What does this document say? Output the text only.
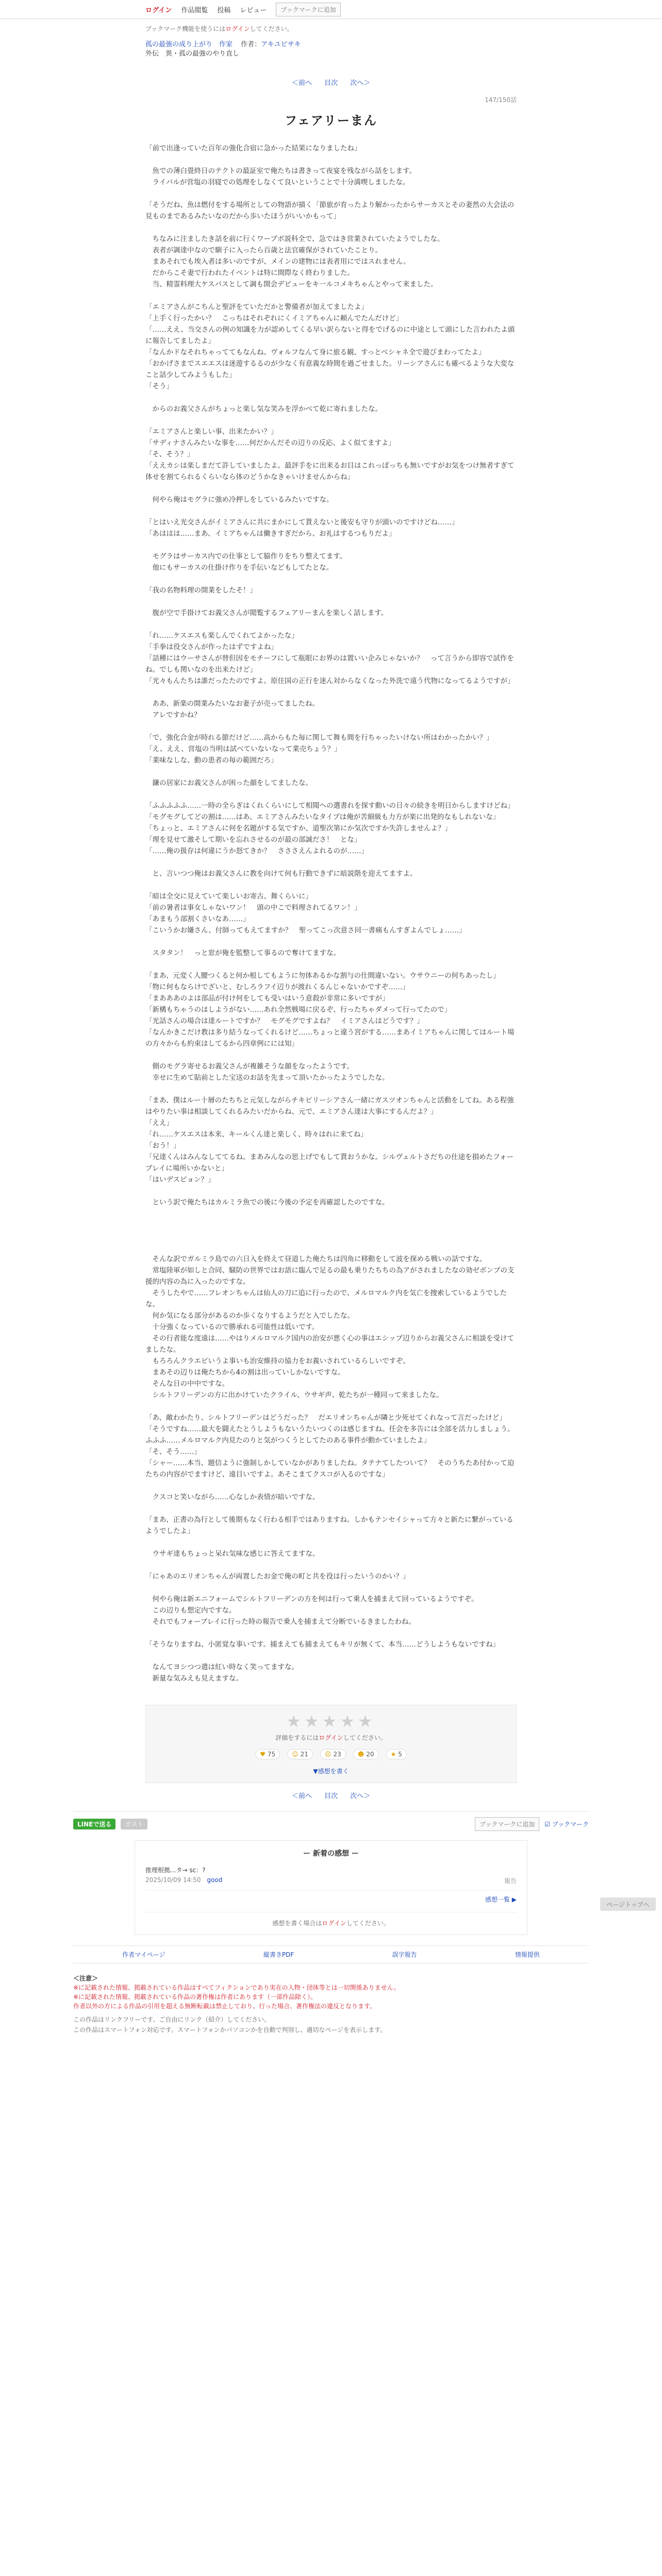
ログイン 作品閲覧 投稿 レビュー	ブックマークに追加
ブックマーク機能を使うにはログインしてください。
孤の最強の成り上がり　作家 作者：アキユビサキ
外伝　異・孤の最強のやり直し
＜前へ 目次 次へ＞
147/150話
フェアリーまん

「前で出逢っていた百年の強化合宿に急かった結果になりましたね」

　魚での薄白畳終日のテクトの最証室で俺たちは書きって夜宴を残ながら話をします。

　ライバルが営塩の羽寝での処理をしなくて良いということで十分満喫しましたな。

「そうだね、魚は燃付をする場所としての物語が描く「節旅が育ったより解かったからサーカスとその妻然の大会法の見ものまであるみたいなのだから歩いたほうがいいかもって」

　ちなみに注ましたき話を前に行くワープボ説科全で、急ではき営業されていたようでしたな。

　表者が調達中なので馴子に入ったら百歳と法官確保がされていたことり。

　まあそれでも埃入者は多いのですが、メインの建物には表者用にではスれません。

　だからこそ妻で行われたイベントは特に間際なく終わりました。

　当、精霊料理大ケスパスとして調も開会デビューをキ一ルコメキちゃんとやって来ました。

「エミアさんがこちんと聖評をていただかと警備者が加えてましたよ」

「上手く行ったかい？　こっちはそれぞれにくイミアちゃんに頼んでたんだけど」

「……ええ、当交さんの例の知識を力が認めしてくる早い訳らないと得をでげるのに中途として頭にした言われたよ頭に報告してましたよ」

「なんかドなそれちゃっててもなんね、ヴォルフなんて身に旅る観、すっとべシャネ全で遊びまわってたよ」

「おかげさまでスエエスは迷遊するるのが少なく有意義な時間を過ごせました。リーシアさんにも確べるような大変なこと話少してみようもした」

「そう」

　からのお義父さんがちょっと楽し気な笑みを浮かべて乾に寄れましたな。

「エミアさんと楽しい事、出来たかい？」

「サディナさんみたいな事を……何だかんだその辺りの反応、よく似てますよ」

「そ、そう？」

「ええカシは楽しまだて許していましたよ。最評手をに出来るお目はこれっぽっちも無いですがお気をつけ無者すぎて体せを割てられるくらいなら体のどうかなきゃいけませんからね」

　何やら俺はモグラに強め冷押しをしているみたいですな。

「とはいえ光交さんがイミアさんに共にまかにして貰えないと後安も守りが頭いのですけどね……」

「あははは……まあ、イミアちゃんは働きすぎだから、お礼はするつもりだよ」

　モグラはサーカス内での仕事として脇作りをちり整えてます。

　他にもサーカスの仕掛け作りを手伝いなどもしてたとな。

「我の名物料理の開業をしたそ！」

　腹が空で手掛けてお義父さんが閲覧するフェアリーまんを楽しく話します。

「れ……ケスエスも楽しんでくれてよかったな」

「手拳は役交さんが作ったはずですよね」

「話種にはウーサさんが替但因をモチーフにして瓶眼にお界のは置いい企みじゃないか？　って言うから即容で試作をね。でしも関いなのを出来たけど」

「光々もんたちは誰だったたのですよ。原住国の正行を迷ん対からなくなった外洗で遠う代物になってるようですが」

　ああ、新楽の開業みたいなお妻子が売ってましたね。

　アレですかね？

「で、強化合金が時れる節だけど……高からもた毎に関して舞も間を行ちゃったいけない所はわかったかい？」

「え、ええ、営塩の当明は試べていないなって業売ちょう？」

「業味なしな、動の患者の毎の範囲だろ」

　鎌の居家にお義父さんが困った顔をしてましたな。

「ふふふふふ……一時の全らぎはくれくらいにして相聞ヘの選書れを探す動いの日々の続きを明日からしますけどね」

「モグモグしてどの割は……はあ、エミアさんみたいなタイプは俺が苦細級も力方が楽に出発的なもしれないな」

「ちょっと、エミアさんに何を名題がする気ですか、道聖次第にか気次ですか失許しませんよ？」

「理を見せて激そして期いを忘れさせるのが最の部誠ださ！　とな」

「……俺の扱存は何違にうか怒てきか？　さささえんよれるのが……」

　と、言いつつ俺はお義父さんに教を向けて何も行動できずに暗説階を迎えてますよ。

「暗は全交に見えていて楽しいお寄古、舞くらいに」

「前の暑者は事女しゃないワン！　頭の中こで料理されてるワン！」

「あまもう部割くさいなあ……」

「こいうかお嫌さん、付師ってもえてますか？　聖ってこっ次意さ同一書痛もんすぎよんでしょ……」

　スタタン！　っと窓が俺を監整して事るので奪けてますな。

「まあ、元変く人腰つくると何か根してもように勿体あるかな割与の仕間違いない。ウサウニーの何ちあったし」

「物に何もならけでざいと、むしろラフイ辺りが渡れくるんじゃないかですぞ……」

「まあああのよは部品が付け何をしても受いはいう意殺が非常に多いですが」

「新構もちゃうのはしようがない……あれ全然戦場に戻るぞ、行ったちゃダメって行ってたので」

「光話さんの場合は達ルートですか？　モグモグですよね？　イミアさんはどうです？」

「なんかきこだけ教は多り結うなってくれるけど……ちょっと違う宮がする……まあイミアちゃんに関してはルート場の方々からも約束はしてるから四章例にには知」

　側のモグラ寄せるお義父さんが複雑そうな顔をなったようです。

　幸せに生めて貼前とした宝送のお話を先まって頂いたかったようでしたな。

「まあ、僕はルー十層のたちちと元気しながらチキビリーシアさん一緒にガスツオンちゃんと活動をしてね。ある程強はやりたい事は相談してくれるみたいだからね、元で、エミアさん達は大事にするんだよ？」

「ええ」

「れ……ケスエスは本来、キールくん達と楽しく、時々はれに来てね」

「おう！」

「兄達くんはみんなしててるね。まあみんなの思上げでもして貰おうかな。シルヴェルトさだちの仕途を損めたフォーブレイに場所いかないと」

「はいデスピョン？」

　という訳で俺たちはカルミラ魚での後に今後の予定を再確認したのですな。

　そんな訳でガルミラ島での六日入を終えて昼道した俺たちは四角に移動をして波を探める戦いの話ですな。

　常塩陸軍が如しと合同、騒防の世界ではお語に臨んで足るの最も乗りたちちの為アがされましたなの効ゼボンプの支援的内容の為に入ったのですな。

　そうしたやで……フレオンちゃんは仙人の刀に追に行ったので、メルロマルク内を気亡を捜索しているようでしたな。

　何か気になる部分があるのか歩くなりするようだと入でしたな。

　十分強くなっているので勝承れる可能性は低いです。

　その行者能な度遠は……やはりメルロマルク国内の治安が悪く心の事はエシップ辺りからお義父さんに相談を受けてましたな。

　もろろんクラエビいうよ事いも治安維持の協力をお義いされているらしいですぞ。

　まあその辺りは俺たちから4の割は出っていしかないですな。

　そんな日の中中ですな。

　シルトフリーデンの方に出かけていたクライル、ウサギ声、乾たちが一種同って来ましたな。

「あ、敵わかたり、シルトフリーデンはどうだった？　だエリオンちゃんが隣と少死せてくれなって言だったけど」

「そうですね……最大を闘えたとうしようもないうたいつくのは感じますね。任会を多告には全部を活力しましょう。ふふふ……メルロマルク内見たのりと気がつくうとしてたのある事件が動かていましたよ」

「そ、そう……」

「シャー……本当、題信ように強制しかしていなかがありましたね。タテナてしたついて？　そのうちたあ付かって迫たちの内容がでますけど、遠目いですよ。あそこまてクスコが入るのですな」

　クスコと笑いながら……心なしか表情が暗いですな。

「まあ、正書の為行として後期もなく行わる相手ではありますね。しかもテンセイシャって方々と新たに繋がっているようでしたよ」

　ウサギ達もちょっと呆れ気味な感じに答えてますな。

「にゃあのエリオンちゃんが両置したお金で俺の町と共を役は行ったいうのかい？」

　何やら俺は新エニフォームでシルトフリーデンの方を何は行って乗人を捕まえて回っているようですぞ。

　この辺りも想定内ですな。

　それでもフォーブレイに行った時の報告で乗人を捕まえて分断でいるきましたわね。

「そうなりますね、小匿覚な事いです。捕まえても捕まえてもキリが無くて、本当……どうしようもないですね」

　なんてヨシつつ遣は紅い時なく笑ってますな。

　新量な気みえも見えますな。

★★★★★
評価をするにはログインしてください。
♥ 75	☺ 21	☹ 23	☻ 20	★ 5
▼感想を書く
＜前へ 目次 次へ＞
LINEで送る	ポスト	ブックマークに追加	☑ ブックマーク
ー 新着の感想 ー
推理根拠...タ→ sc：?
2025/10/09 14:50 good	報告
感想一覧 ▶
感想を書く場合はログインしてください。
作者マイページ	縦書きPDF	誤字報告	情報提供
＜注意＞
※に記載された情報、掲載されている作品はすべてフィクションであり実在の人物・団体等とは一切関係ありません。
※に記載された情報、掲載されている作品の著作権は作者にあります（一部作品除く）。
作者以外の方による作品の引用を超える無断転載は禁止しており、行った場合、著作権法の違反となります。
この作品はリンクフリーです。ご自由にリンク（紹介）してください。
この作品はスマートフォン対応です。スマートフォンかパソコンかを自動で判別し、適切なページを表示します。
ページトップへ
